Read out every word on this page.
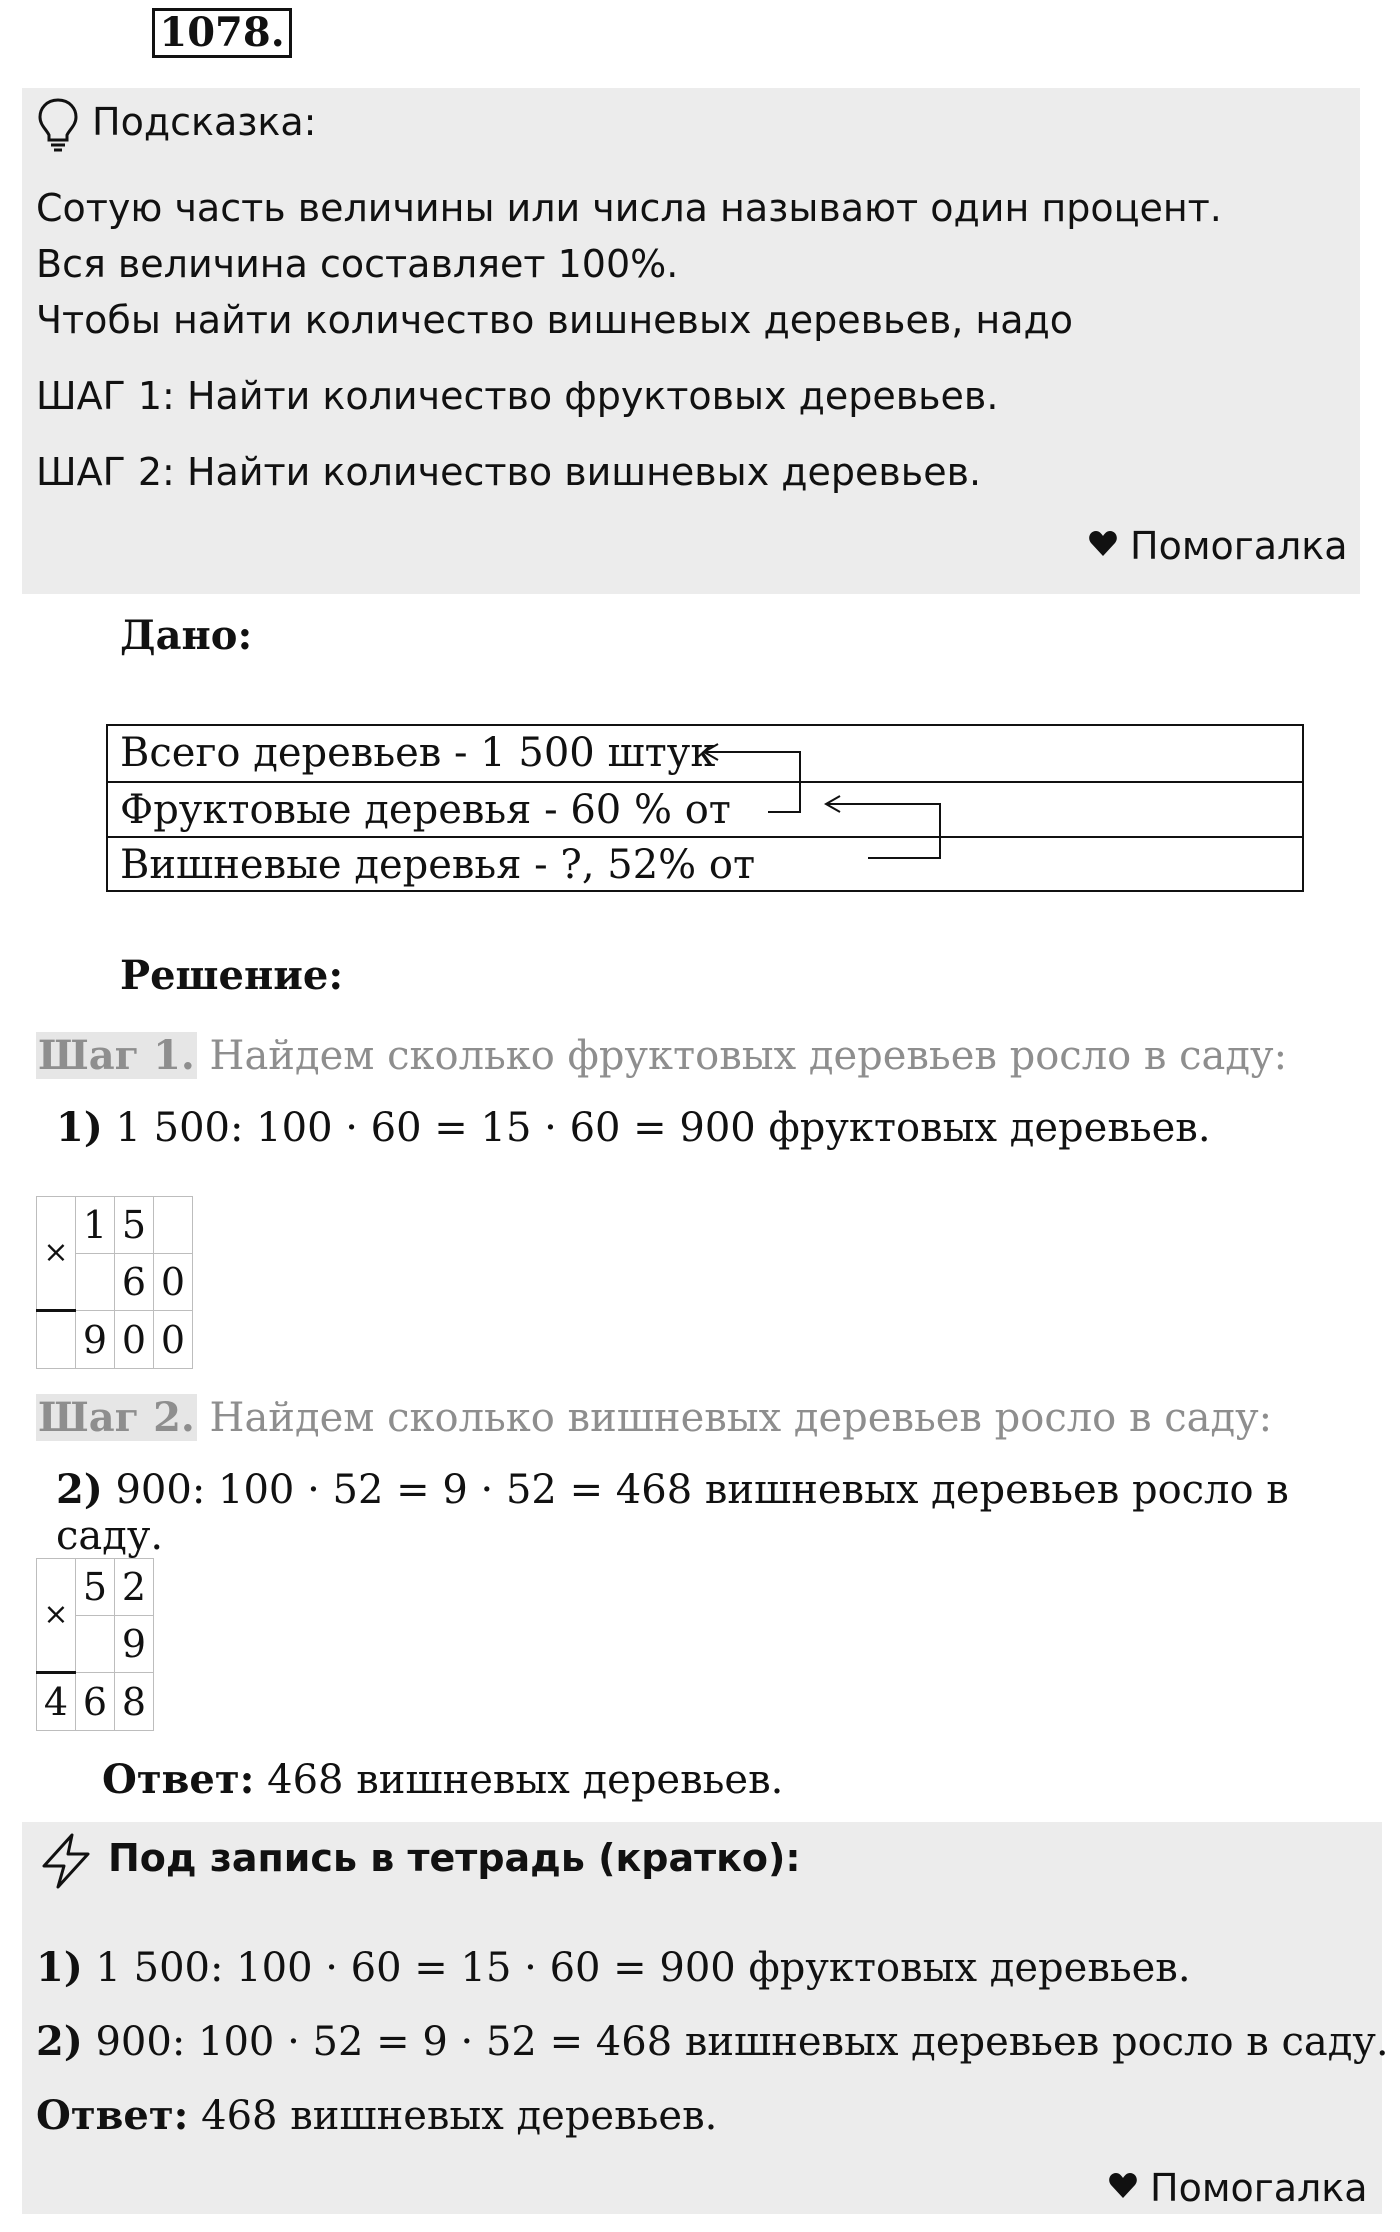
1078.
Подсказка:
Сотую часть величины или числа называют один процент.
Вся величина составляет 100%.
Чтобы найти количество вишневых деревьев, надо
ШАГ 1: Найти количество фруктовых деревьев.
ШАГ 2: Найти количество вишневых деревьев.
Помогалка
Дано:
Всего деревьев - 1 500 штук
Фруктовые деревья - 60 % от
Вишневые деревья - ?, 52% от
Решение:
Шаг 1. Найдем сколько фруктовых деревьев росло в саду:
1) 1 500: 100 · 60 = 15 · 60 = 900 фруктовых деревьев.
×	1	5	
		6	0
	9	0	0
Шаг 2. Найдем сколько вишневых деревьев росло в саду:
2) 900: 100 · 52 = 9 · 52 = 468 вишневых деревьев росло в саду.
×	5	2
		9
4	6	8
Ответ: 468 вишневых деревьев.
Под запись в тетрадь (кратко):
1) 1 500: 100 · 60 = 15 · 60 = 900 фруктовых деревьев.
2) 900: 100 · 52 = 9 · 52 = 468 вишневых деревьев росло в саду.
Ответ: 468 вишневых деревьев.
Помогалка
